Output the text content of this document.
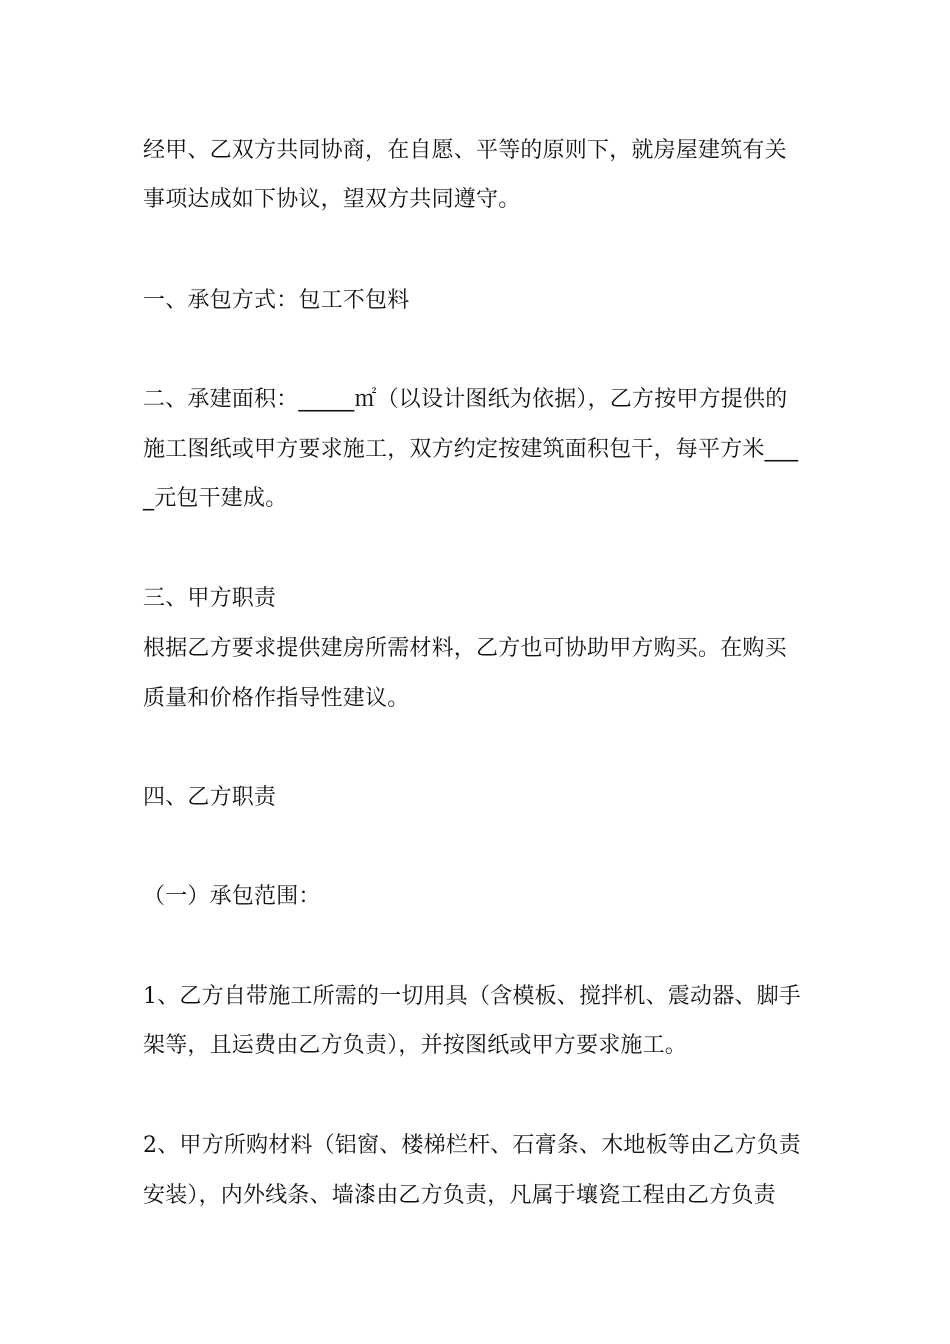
经甲、乙双方共同协商，在自愿、平等的原则下，就房屋建筑有关
事项达成如下协议，望双方共同遵守。
一、承包方式：包工不包料
二、承建面积：_____㎡（以设计图纸为依据），乙方按甲方提供的
施工图纸或甲方要求施工，双方约定按建筑面积包干，每平方米___
_元包干建成。
三、甲方职责
根据乙方要求提供建房所需材料，乙方也可协助甲方购买。在购买
质量和价格作指导性建议。
四、乙方职责
（一）承包范围：
1、乙方自带施工所需的一切用具（含模板、搅拌机、震动器、脚手
架等，且运费由乙方负责），并按图纸或甲方要求施工。
2、甲方所购材料（铝窗、楼梯栏杆、石膏条、木地板等由乙方负责
安装），内外线条、墙漆由乙方负责，凡属于壤瓷工程由乙方负责
